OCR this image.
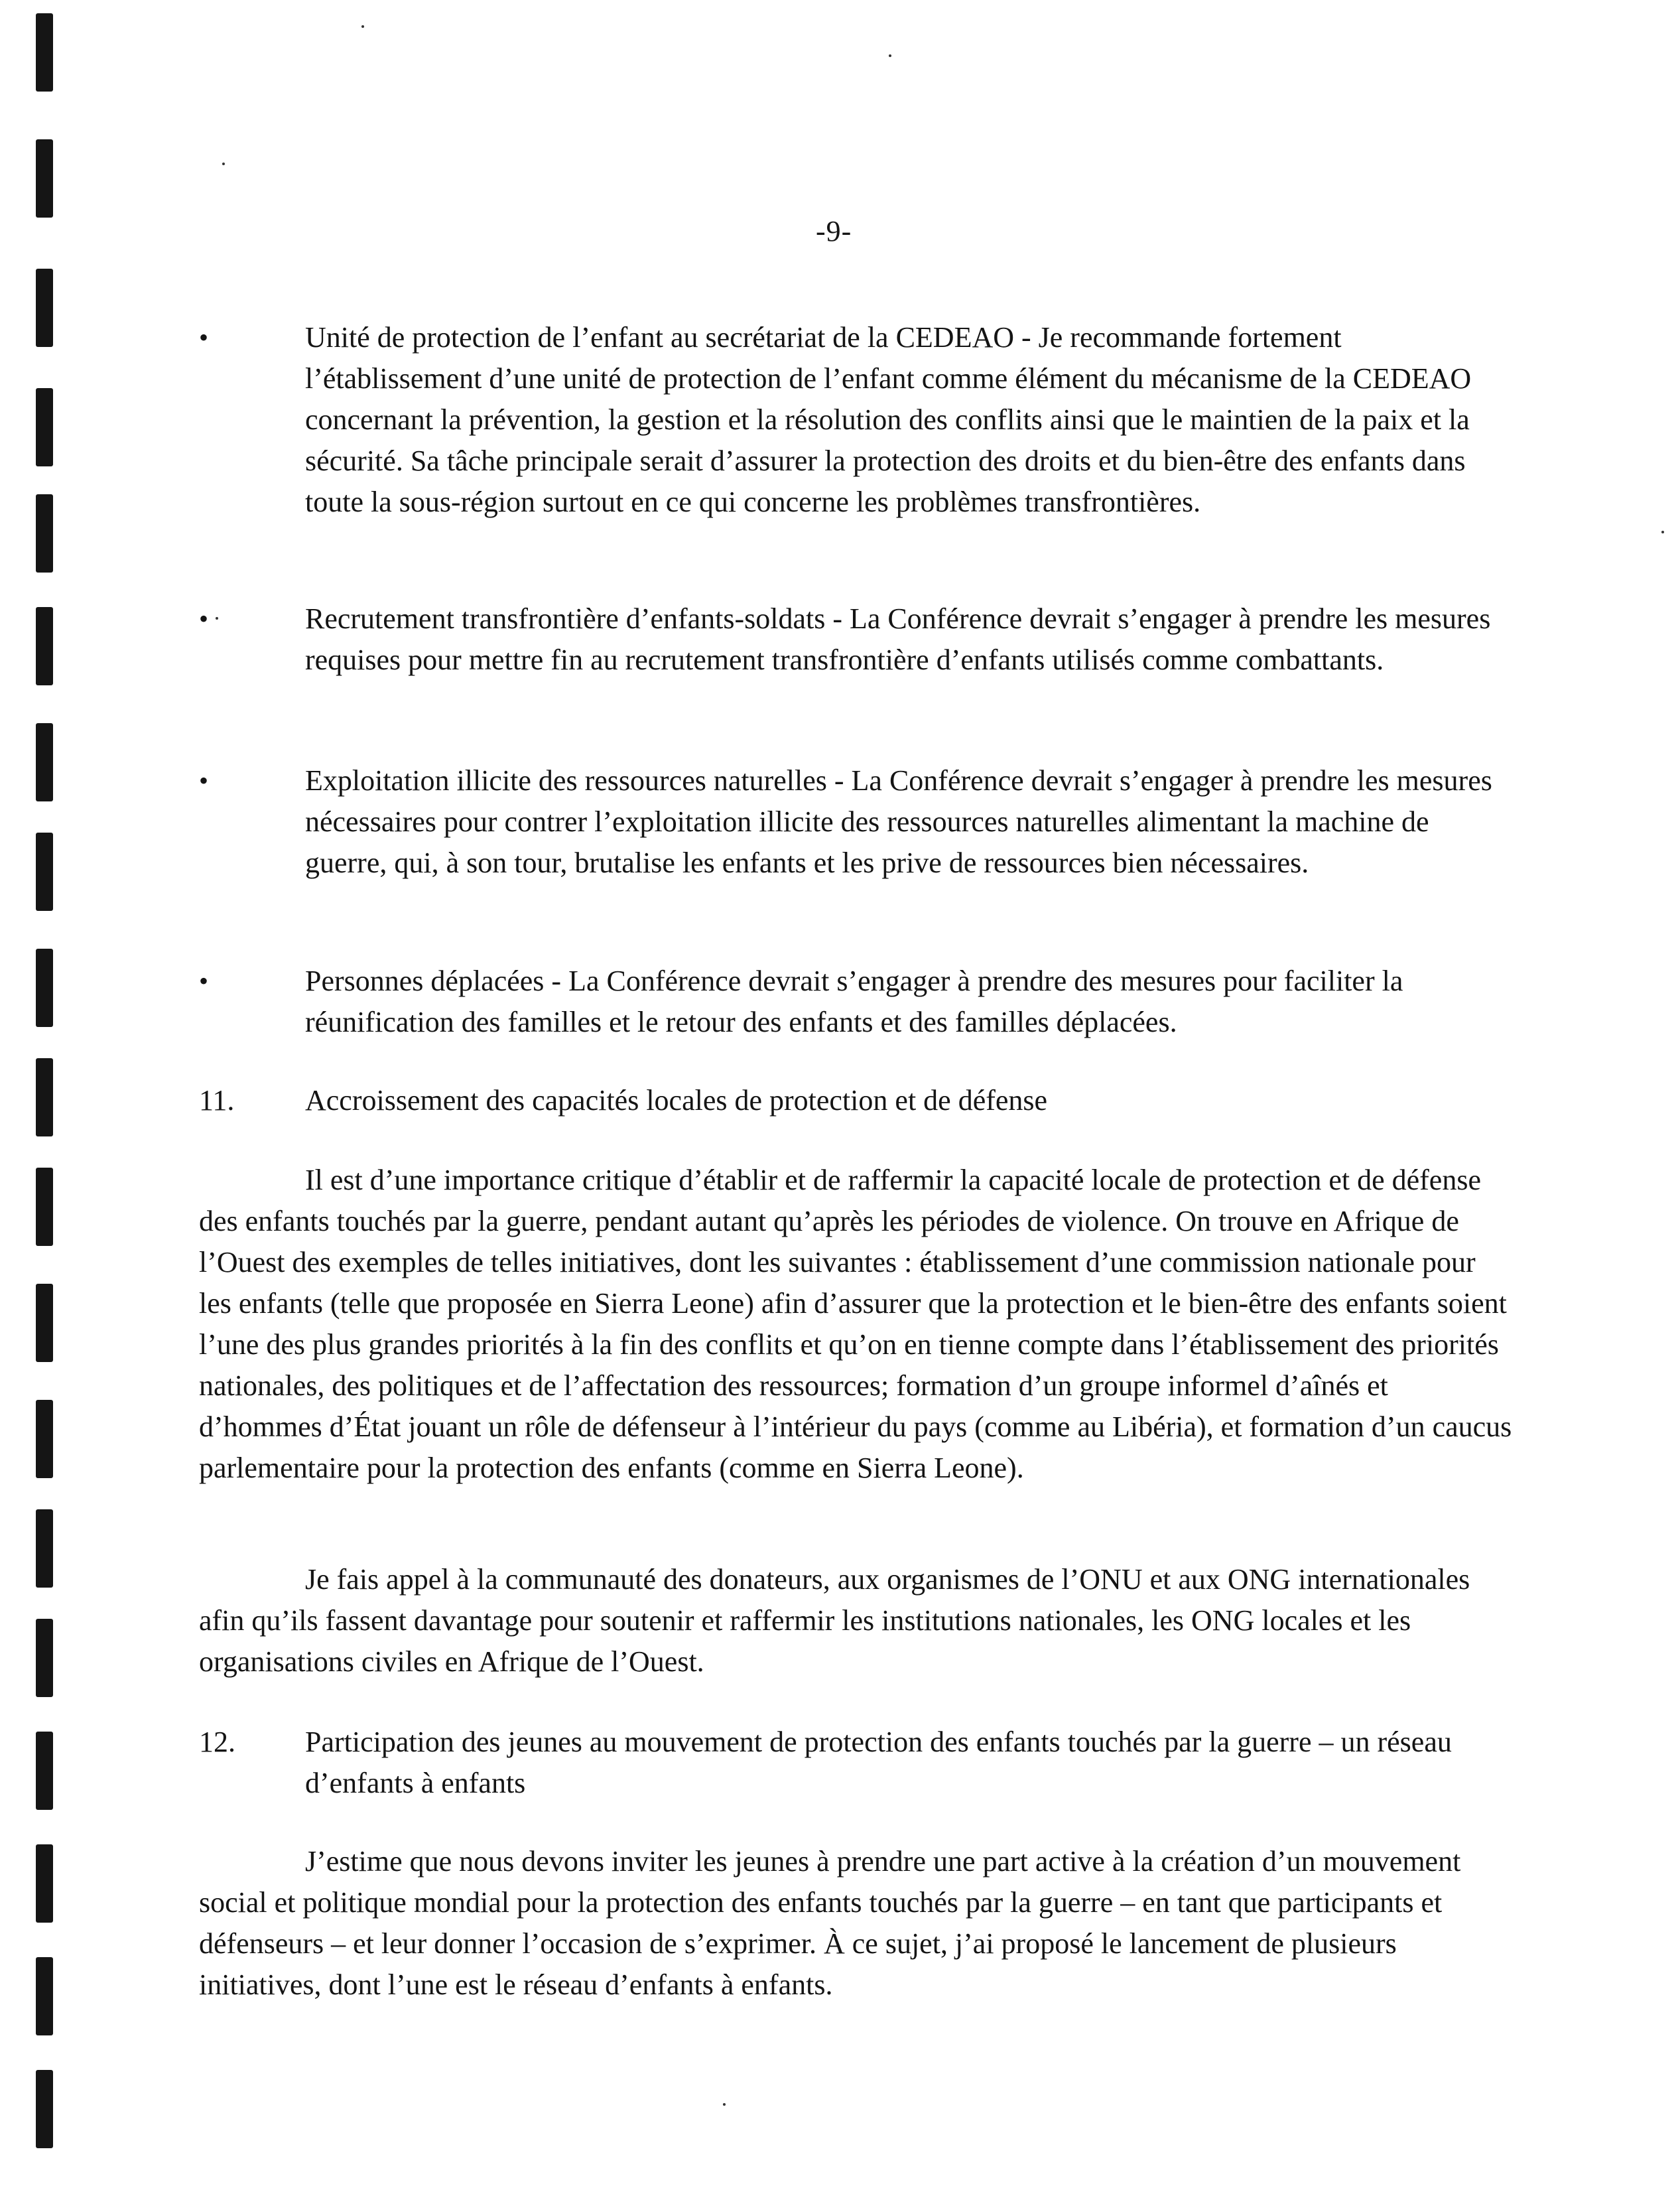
-9-
•	Unité de protection de l’enfant au secrétariat de la CEDEAO - Je recommande fortement l’établissement d’une unité de protection de l’enfant comme élément du mécanisme de la CEDEAO concernant la prévention, la gestion et la résolution des conflits ainsi que le maintien de la paix et la sécurité. Sa tâche principale serait d’assurer la protection des droits et du bien-être des enfants dans toute la sous-région surtout en ce qui concerne les problèmes transfrontières.
•	Recrutement transfrontière d’enfants-soldats - La Conférence devrait s’engager à prendre les mesures requises pour mettre fin au recrutement transfrontière d’enfants utilisés comme combattants.
•	Exploitation illicite des ressources naturelles - La Conférence devrait s’engager à prendre les mesures nécessaires pour contrer l’exploitation illicite des ressources naturelles alimentant la machine de guerre, qui, à son tour, brutalise les enfants et les prive de ressources bien nécessaires.
•	Personnes déplacées - La Conférence devrait s’engager à prendre des mesures pour faciliter la réunification des familles et le retour des enfants et des familles déplacées.
11. Accroissement des capacités locales de protection et de défense
Il est d’une importance critique d’établir et de raffermir la capacité locale de protection et de défense des enfants touchés par la guerre, pendant autant qu’après les périodes de violence. On trouve en Afrique de l’Ouest des exemples de telles initiatives, dont les suivantes : établissement d’une commission nationale pour les enfants (telle que proposée en Sierra Leone) afin d’assurer que la protection et le bien-être des enfants soient l’une des plus grandes priorités à la fin des conflits et qu’on en tienne compte dans l’établissement des priorités nationales, des politiques et de l’affectation des ressources; formation d’un groupe informel d’aînés et d’hommes d’État jouant un rôle de défenseur à l’intérieur du pays (comme au Libéria), et formation d’un caucus parlementaire pour la protection des enfants (comme en Sierra Leone).
Je fais appel à la communauté des donateurs, aux organismes de l’ONU et aux ONG internationales afin qu’ils fassent davantage pour soutenir et raffermir les institutions nationales, les ONG locales et les organisations civiles en Afrique de l’Ouest.
12. Participation des jeunes au mouvement de protection des enfants touchés par la guerre – un réseau d’enfants à enfants
J’estime que nous devons inviter les jeunes à prendre une part active à la création d’un mouvement social et politique mondial pour la protection des enfants touchés par la guerre – en tant que participants et défenseurs – et leur donner l’occasion de s’exprimer. À ce sujet, j’ai proposé le lancement de plusieurs initiatives, dont l’une est le réseau d’enfants à enfants.
